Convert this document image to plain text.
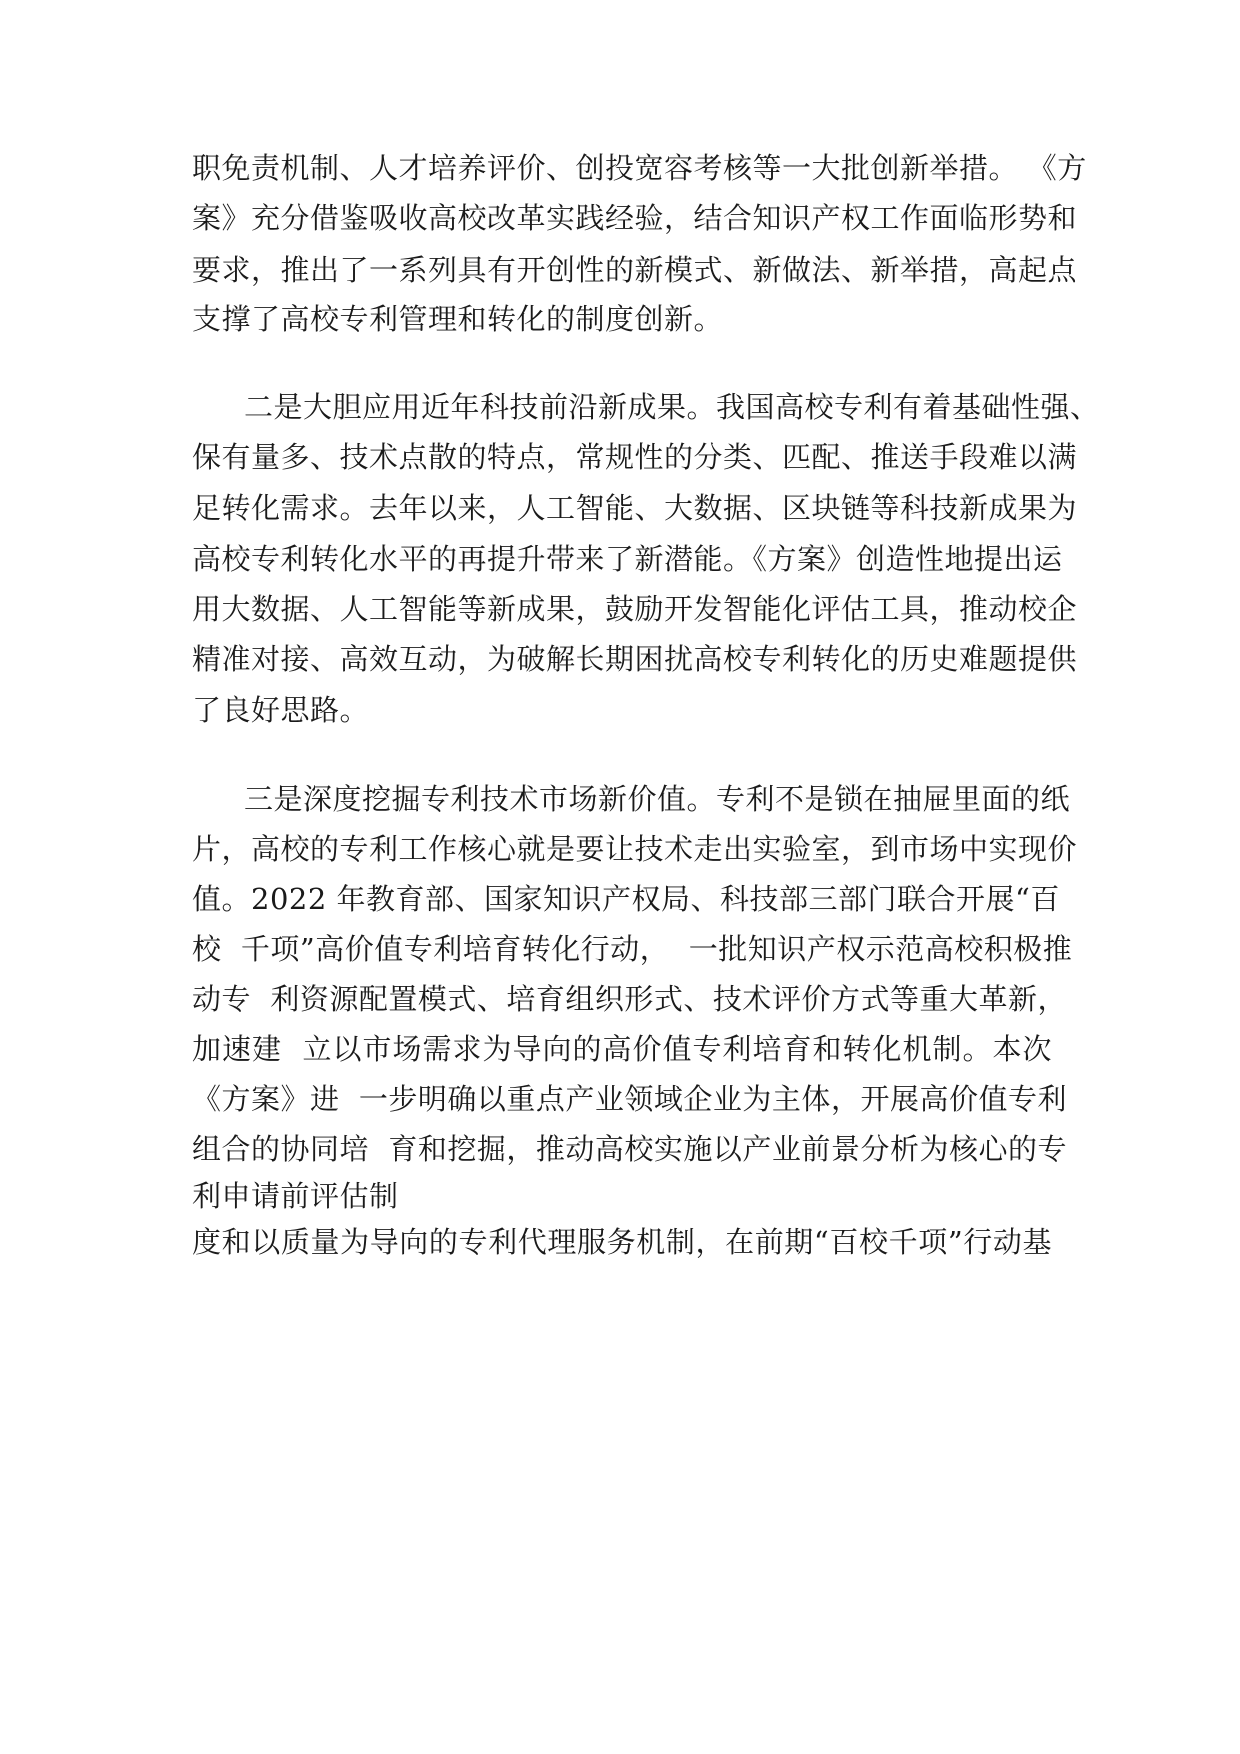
职免责机制、人才培养评价、创投宽容考核等一大批创新举措。 《方
案》充分借鉴吸收高校改革实践经验，结合知识产权工作面临形势和
要求，推出了一系列具有开创性的新模式、新做法、新举措，高起点
支撑了高校专利管理和转化的制度创新。
二是大胆应用近年科技前沿新成果。我国高校专利有着基础性强、
保有量多、技术点散的特点，常规性的分类、匹配、推送手段难以满
足转化需求。去年以来，人工智能、大数据、区块链等科技新成果为
高校专利转化水平的再提升带来了新潜能。《方案》创造性地提出运
用大数据、人工智能等新成果，鼓励开发智能化评估工具，推动校企
精准对接、高效互动，为破解长期困扰高校专利转化的历史难题提供
了良好思路。
三是深度挖掘专利技术市场新价值。专利不是锁在抽屉里面的纸
片，高校的专利工作核心就是要让技术走出实验室，到市场中实现价
值。2022 年教育部、国家知识产权局、科技部三部门联合开展“百
校  千项”高价值专利培育转化行动，  一批知识产权示范高校积极推
动专  利资源配置模式、培育组织形式、技术评价方式等重大革新，
加速建  立以市场需求为导向的高价值专利培育和转化机制。本次
《方案》进  一步明确以重点产业领域企业为主体，开展高价值专利
组合的协同培  育和挖掘，推动高校实施以产业前景分析为核心的专
利申请前评估制
度和以质量为导向的专利代理服务机制，在前期“百校千项”行动基
